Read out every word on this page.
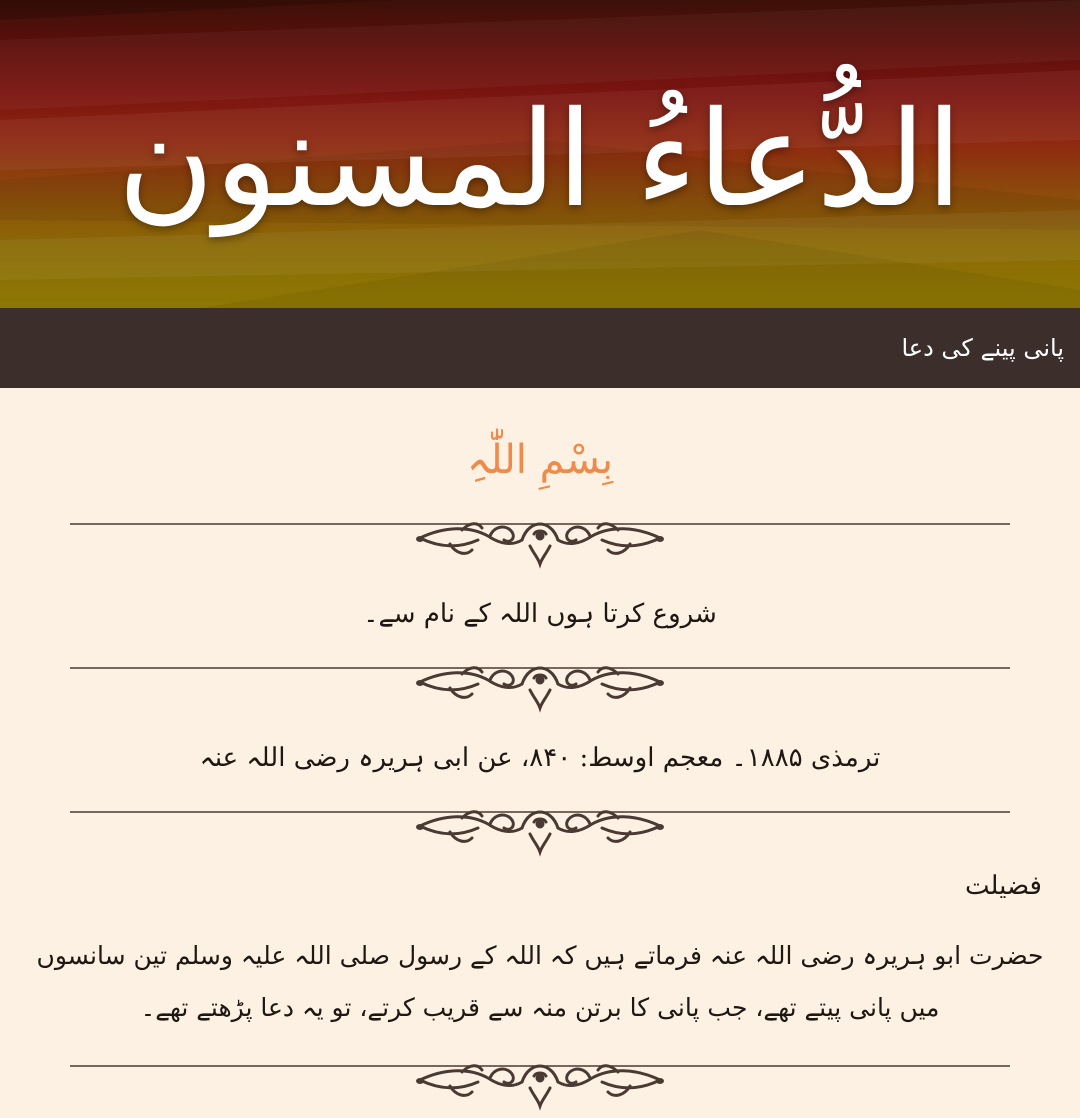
الدُّعاءُ المسنون
پانی پینے کی دعا
بِسْمِ اللّٰہِ
شروع کرتا ہوں اللہ کے نام سے۔
ترمذی ۱۸۸۵۔ معجم اوسط: ۸۴۰، عن ابی ہریرہ رضی اللہ عنہ
فضیلت
حضرت ابو ہریرہ رضی اللہ عنہ فرماتے ہیں کہ اللہ کے رسول صلی اللہ علیہ وسلم تین سانسوں میں پانی پیتے تھے، جب پانی کا برتن منہ سے قریب کرتے، تو یہ دعا پڑھتے تھے۔
